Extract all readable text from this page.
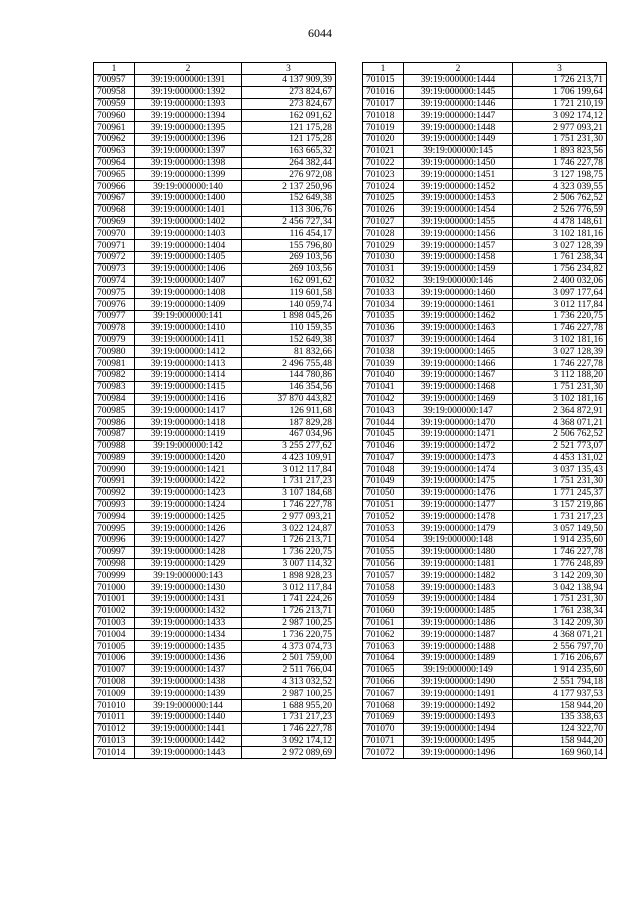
6044
1	2	3
700957	39:19:000000:1391	4 137 909,39
700958	39:19:000000:1392	273 824,67
700959	39:19:000000:1393	273 824,67
700960	39:19:000000:1394	162 091,62
700961	39:19:000000:1395	121 175,28
700962	39:19:000000:1396	121 175,28
700963	39:19:000000:1397	163 665,32
700964	39:19:000000:1398	264 382,44
700965	39:19:000000:1399	276 972,08
700966	39:19:000000:140	2 137 250,96
700967	39:19:000000:1400	152 649,38
700968	39:19:000000:1401	113 306,76
700969	39:19:000000:1402	2 456 727,34
700970	39:19:000000:1403	116 454,17
700971	39:19:000000:1404	155 796,80
700972	39:19:000000:1405	269 103,56
700973	39:19:000000:1406	269 103,56
700974	39:19:000000:1407	162 091,62
700975	39:19:000000:1408	119 601,58
700976	39:19:000000:1409	140 059,74
700977	39:19:000000:141	1 898 045,26
700978	39:19:000000:1410	110 159,35
700979	39:19:000000:1411	152 649,38
700980	39:19:000000:1412	81 832,66
700981	39:19:000000:1413	2 496 755,48
700982	39:19:000000:1414	144 780,86
700983	39:19:000000:1415	146 354,56
700984	39:19:000000:1416	37 870 443,82
700985	39:19:000000:1417	126 911,68
700986	39:19:000000:1418	187 829,28
700987	39:19:000000:1419	467 034,96
700988	39:19:000000:142	3 255 277,62
700989	39:19:000000:1420	4 423 109,91
700990	39:19:000000:1421	3 012 117,84
700991	39:19:000000:1422	1 731 217,23
700992	39:19:000000:1423	3 107 184,68
700993	39:19:000000:1424	1 746 227,78
700994	39:19:000000:1425	2 977 093,21
700995	39:19:000000:1426	3 022 124,87
700996	39:19:000000:1427	1 726 213,71
700997	39:19:000000:1428	1 736 220,75
700998	39:19:000000:1429	3 007 114,32
700999	39:19:000000:143	1 898 928,23
701000	39:19:000000:1430	3 012 117,84
701001	39:19:000000:1431	1 741 224,26
701002	39:19:000000:1432	1 726 213,71
701003	39:19:000000:1433	2 987 100,25
701004	39:19:000000:1434	1 736 220,75
701005	39:19:000000:1435	4 373 074,73
701006	39:19:000000:1436	2 501 759,00
701007	39:19:000000:1437	2 511 766,04
701008	39:19:000000:1438	4 313 032,52
701009	39:19:000000:1439	2 987 100,25
701010	39:19:000000:144	1 688 955,20
701011	39:19:000000:1440	1 731 217,23
701012	39:19:000000:1441	1 746 227,78
701013	39:19:000000:1442	3 092 174,12
701014	39:19:000000:1443	2 972 089,69
1	2	3
701015	39:19:000000:1444	1 726 213,71
701016	39:19:000000:1445	1 706 199,64
701017	39:19:000000:1446	1 721 210,19
701018	39:19:000000:1447	3 092 174,12
701019	39:19:000000:1448	2 977 093,21
701020	39:19:000000:1449	1 751 231,30
701021	39:19:000000:145	1 893 823,56
701022	39:19:000000:1450	1 746 227,78
701023	39:19:000000:1451	3 127 198,75
701024	39:19:000000:1452	4 323 039,55
701025	39:19:000000:1453	2 506 762,52
701026	39:19:000000:1454	2 526 776,59
701027	39:19:000000:1455	4 478 148,61
701028	39:19:000000:1456	3 102 181,16
701029	39:19:000000:1457	3 027 128,39
701030	39:19:000000:1458	1 761 238,34
701031	39:19:000000:1459	1 756 234,82
701032	39:19:000000:146	2 400 032,06
701033	39:19:000000:1460	3 097 177,64
701034	39:19:000000:1461	3 012 117,84
701035	39:19:000000:1462	1 736 220,75
701036	39:19:000000:1463	1 746 227,78
701037	39:19:000000:1464	3 102 181,16
701038	39:19:000000:1465	3 027 128,39
701039	39:19:000000:1466	1 746 227,78
701040	39:19:000000:1467	3 112 188,20
701041	39:19:000000:1468	1 751 231,30
701042	39:19:000000:1469	3 102 181,16
701043	39:19:000000:147	2 364 872,91
701044	39:19:000000:1470	4 368 071,21
701045	39:19:000000:1471	2 506 762,52
701046	39:19:000000:1472	2 521 773,07
701047	39:19:000000:1473	4 453 131,02
701048	39:19:000000:1474	3 037 135,43
701049	39:19:000000:1475	1 751 231,30
701050	39:19:000000:1476	1 771 245,37
701051	39:19:000000:1477	3 157 219,86
701052	39:19:000000:1478	1 731 217,23
701053	39:19:000000:1479	3 057 149,50
701054	39:19:000000:148	1 914 235,60
701055	39:19:000000:1480	1 746 227,78
701056	39:19:000000:1481	1 776 248,89
701057	39:19:000000:1482	3 142 209,30
701058	39:19:000000:1483	3 042 138,94
701059	39:19:000000:1484	1 751 231,30
701060	39:19:000000:1485	1 761 238,34
701061	39:19:000000:1486	3 142 209,30
701062	39:19:000000:1487	4 368 071,21
701063	39:19:000000:1488	2 556 797,70
701064	39:19:000000:1489	1 716 206,67
701065	39:19:000000:149	1 914 235,60
701066	39:19:000000:1490	2 551 794,18
701067	39:19:000000:1491	4 177 937,53
701068	39:19:000000:1492	158 944,20
701069	39:19:000000:1493	135 338,63
701070	39:19:000000:1494	124 322,70
701071	39:19:000000:1495	158 944,20
701072	39:19:000000:1496	169 960,14
